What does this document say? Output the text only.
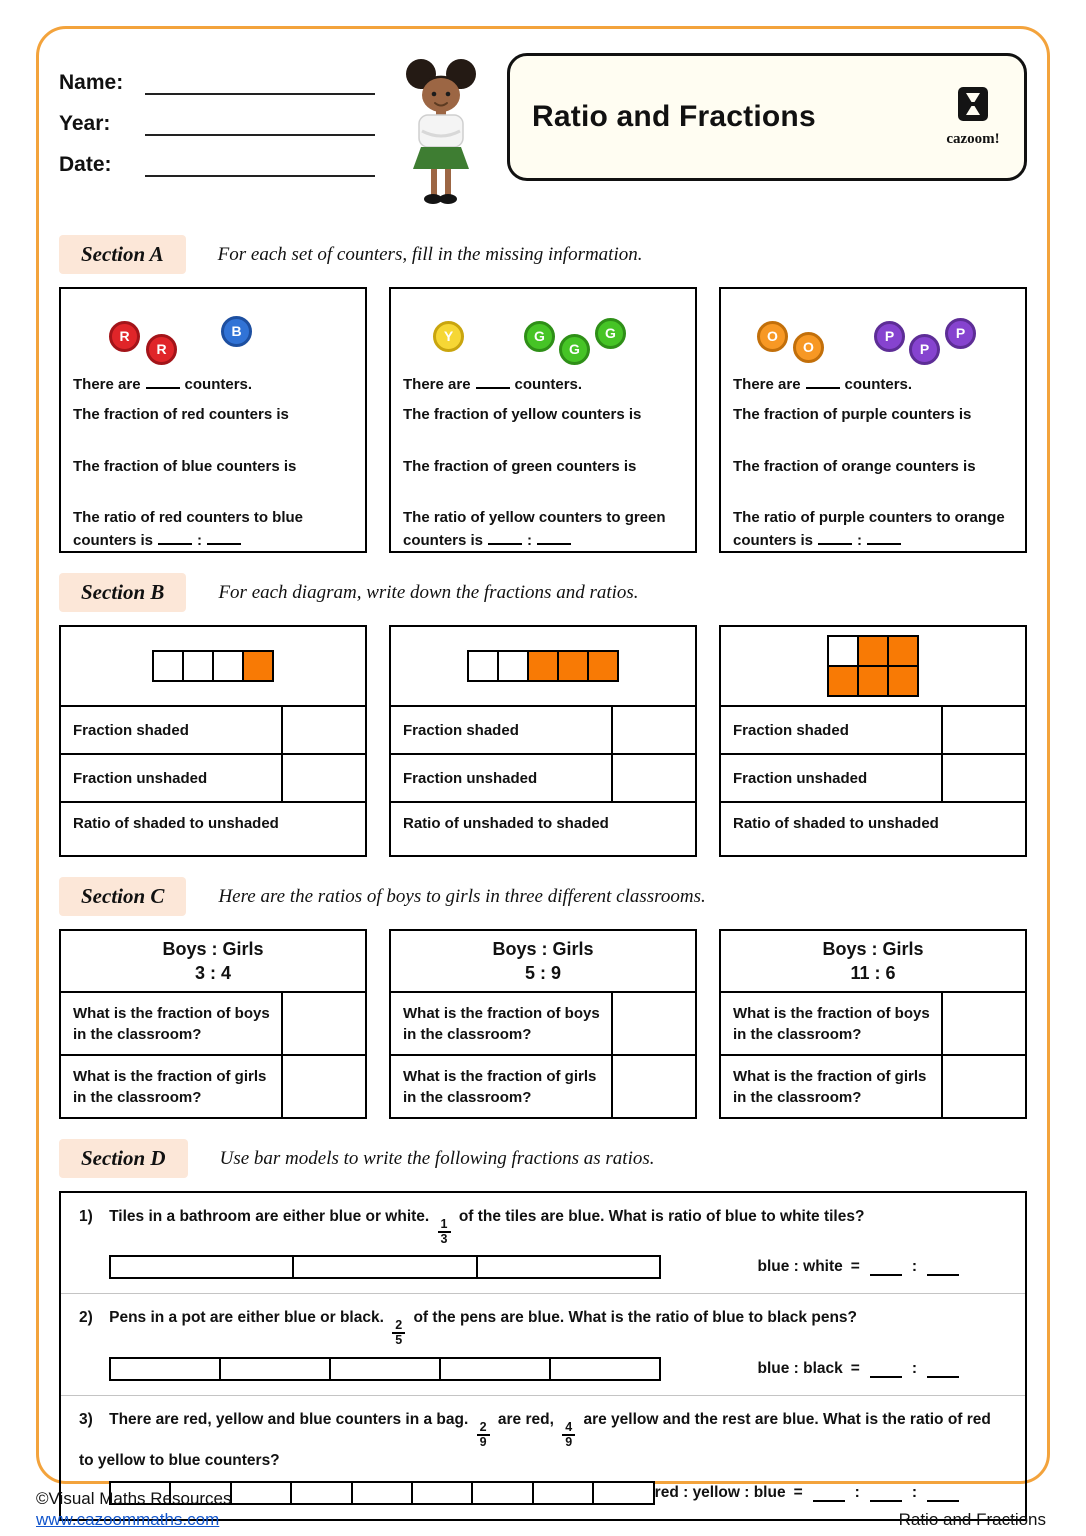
Name:
Year:
Date:
Ratio and Fractions
cazoom!
Section A	For each set of counters, fill in the missing information.
R
R
B
There are	counters.
The fraction of red counters is
The fraction of blue counters is
The ratio of red counters to blue counters is	:
Y	G
G
G
There are	counters.
The fraction of yellow counters is
The fraction of green counters is
The ratio of yellow counters to green counters is	:
O
O
P
P
P
There are	counters.
The fraction of purple counters is
The fraction of orange counters is
The ratio of purple counters to orange counters is	:
Section B	For each diagram, write down the fractions and ratios.
Fraction shaded
Fraction unshaded
Ratio of shaded to unshaded
Fraction shaded
Fraction unshaded
Ratio of unshaded to shaded
Fraction shaded
Fraction unshaded
Ratio of shaded to unshaded
Section C	Here are the ratios of boys to girls in three different classrooms.
Boys : Girls
3 : 4
What is the fraction of boys in the classroom?
What is the fraction of girls in the classroom?
Boys : Girls
5 : 9
What is the fraction of boys in the classroom?
What is the fraction of girls in the classroom?
Boys : Girls
11 : 6
What is the fraction of boys in the classroom?
What is the fraction of girls in the classroom?
Section D	Use bar models to write the following fractions as ratios.
1) Tiles in a bathroom are either blue or white.
$\frac{1}{3}$
of the tiles are blue. What is ratio of blue to white tiles?
blue : white =	:
2) Pens in a pot are either blue or black.
$\frac{2}{5}$
of the pens are blue. What is the ratio of blue to black pens?
blue : black =	:
3) There are red, yellow and blue counters in a bag.
$\frac{2}{9}$
are red,
$\frac{4}{9}$
are yellow and the rest are blue. What is the ratio of red to yellow to blue counters?
red : yellow : blue =	:	:
©Visual Maths Resources
www.cazoommaths.com	Ratio and Fractions
